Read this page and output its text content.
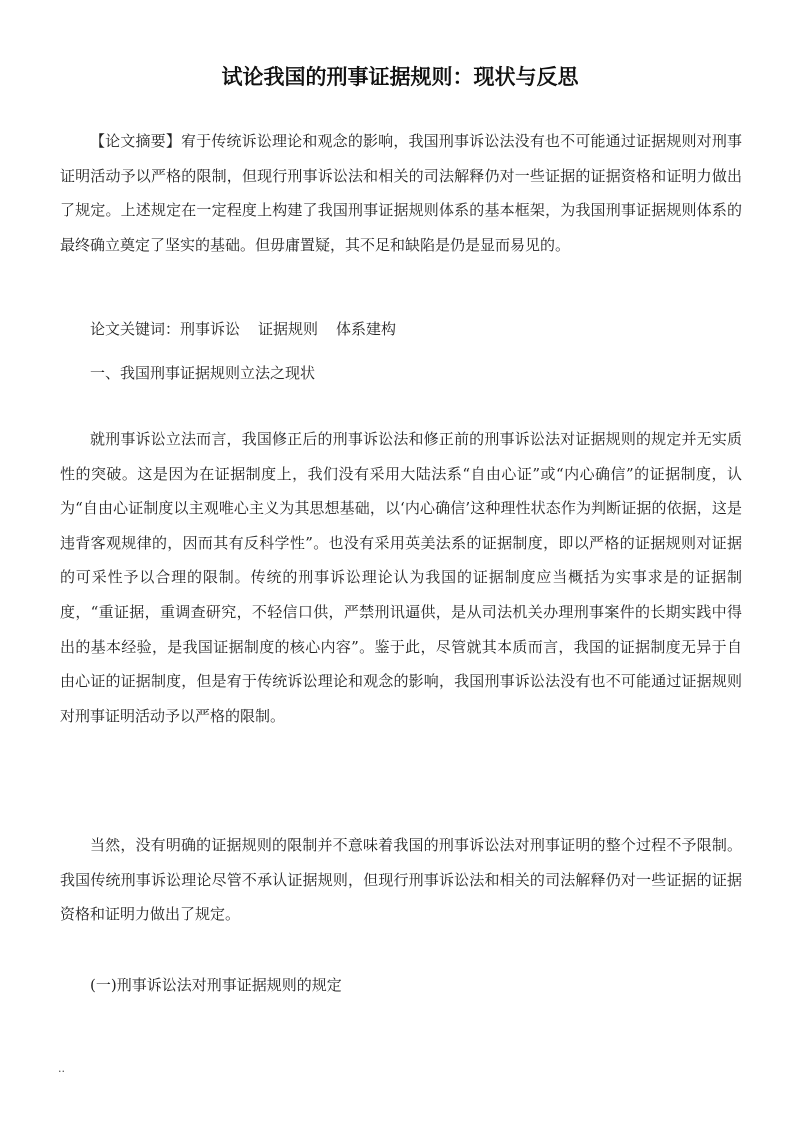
试论我国的刑事证据规则：现状与反思

【论文摘要】宥于传统诉讼理论和观念的影响，我国刑事诉讼法没有也不可能通过证据规则对刑事证明活动予以严格的限制，但现行刑事诉讼法和相关的司法解释仍对一些证据的证据资格和证明力做出了规定。上述规定在一定程度上构建了我国刑事证据规则体系的基本框架，为我国刑事证据规则体系的最终确立奠定了坚实的基础。但毋庸置疑，其不足和缺陷是仍是显而易见的。

论文关键词：刑事诉讼 证据规则 体系建构

一、我国刑事证据规则立法之现状

就刑事诉讼立法而言，我国修正后的刑事诉讼法和修正前的刑事诉讼法对证据规则的规定并无实质性的突破。这是因为在证据制度上，我们没有采用大陆法系“自由心证”或“内心确信”的证据制度，认为“自由心证制度以主观唯心主义为其思想基础，以‘内心确信’这种理性状态作为判断证据的依据，这是违背客观规律的，因而其有反科学性”。也没有采用英美法系的证据制度，即以严格的证据规则对证据的可采性予以合理的限制。传统的刑事诉讼理论认为我国的证据制度应当概括为实事求是的证据制度，“重证据，重调查研究，不轻信口供，严禁刑讯逼供，是从司法机关办理刑事案件的长期实践中得出的基本经验，是我国证据制度的核心内容”。鉴于此，尽管就其本质而言，我国的证据制度无异于自由心证的证据制度，但是宥于传统诉讼理论和观念的影响，我国刑事诉讼法没有也不可能通过证据规则对刑事证明活动予以严格的限制。

当然，没有明确的证据规则的限制并不意味着我国的刑事诉讼法对刑事证明的整个过程不予限制。我国传统刑事诉讼理论尽管不承认证据规则，但现行刑事诉讼法和相关的司法解释仍对一些证据的证据资格和证明力做出了规定。

(一)刑事诉讼法对刑事证据规则的规定

..
